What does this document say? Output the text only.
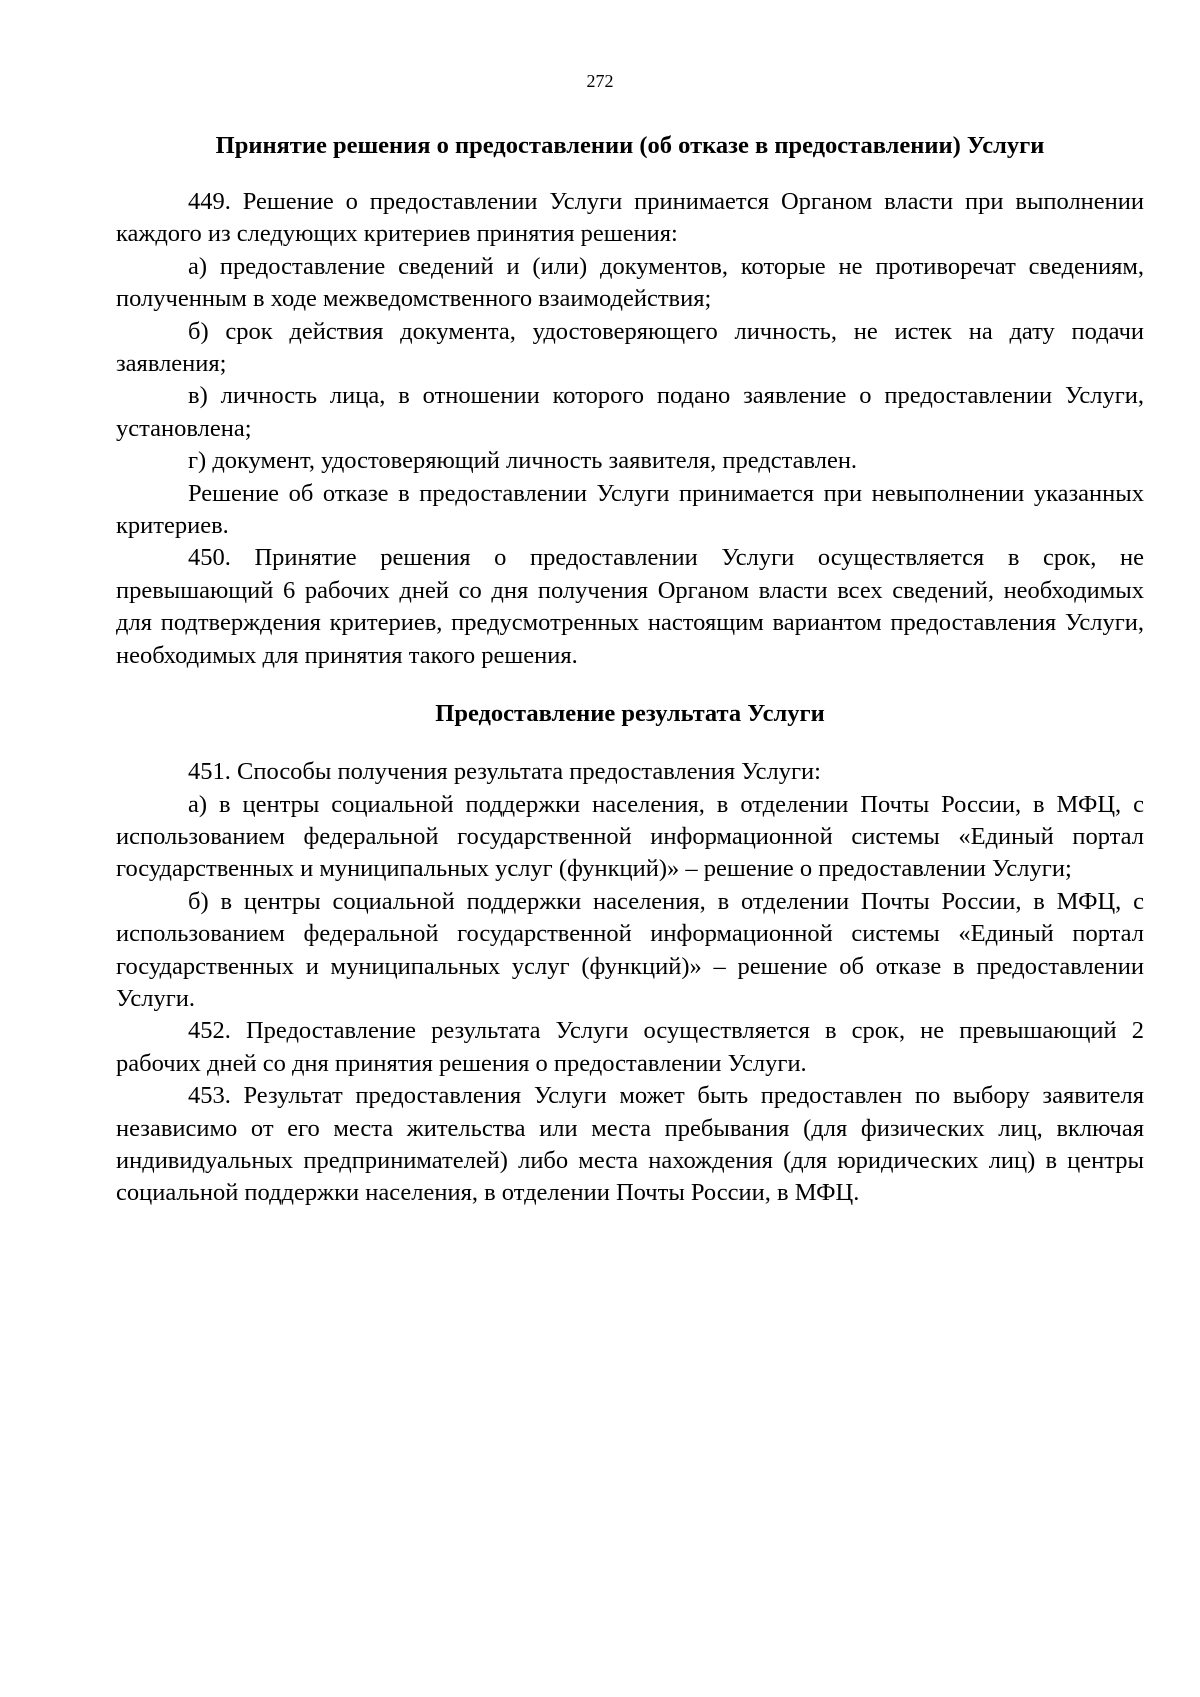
272
Принятие решения о предоставлении (об отказе в предоставлении) Услуги

449. Решение о предоставлении Услуги принимается Органом власти при выполнении каждого из следующих критериев принятия решения:

а) предоставление сведений и (или) документов, которые не противоречат сведениям, полученным в ходе межведомственного взаимодействия;

б) срок действия документа, удостоверяющего личность, не истек на дату подачи заявления;

в) личность лица, в отношении которого подано заявление о предоставлении Услуги, установлена;

г) документ, удостоверяющий личность заявителя, представлен.

Решение об отказе в предоставлении Услуги принимается при невыполнении указанных критериев.

450. Принятие решения о предоставлении Услуги осуществляется в срок, не превышающий 6 рабочих дней со дня получения Органом власти всех сведений, необходимых для подтверждения критериев, предусмотренных настоящим вариантом предоставления Услуги, необходимых для принятия такого решения.

Предоставление результата Услуги

451. Способы получения результата предоставления Услуги:

а) в центры социальной поддержки населения, в отделении Почты России, в МФЦ, с использованием федеральной государственной информационной системы «Единый портал государственных и муниципальных услуг (функций)» – решение о предоставлении Услуги;

б) в центры социальной поддержки населения, в отделении Почты России, в МФЦ, с использованием федеральной государственной информационной системы «Единый портал государственных и муниципальных услуг (функций)» – решение об отказе в предоставлении Услуги.

452. Предоставление результата Услуги осуществляется в срок, не превышающий 2 рабочих дней со дня принятия решения о предоставлении Услуги.

453. Результат предоставления Услуги может быть предоставлен по выбору заявителя независимо от его места жительства или места пребывания (для физических лиц, включая индивидуальных предпринимателей) либо места нахождения (для юридических лиц) в центры социальной поддержки населения, в отделении Почты России, в МФЦ.
